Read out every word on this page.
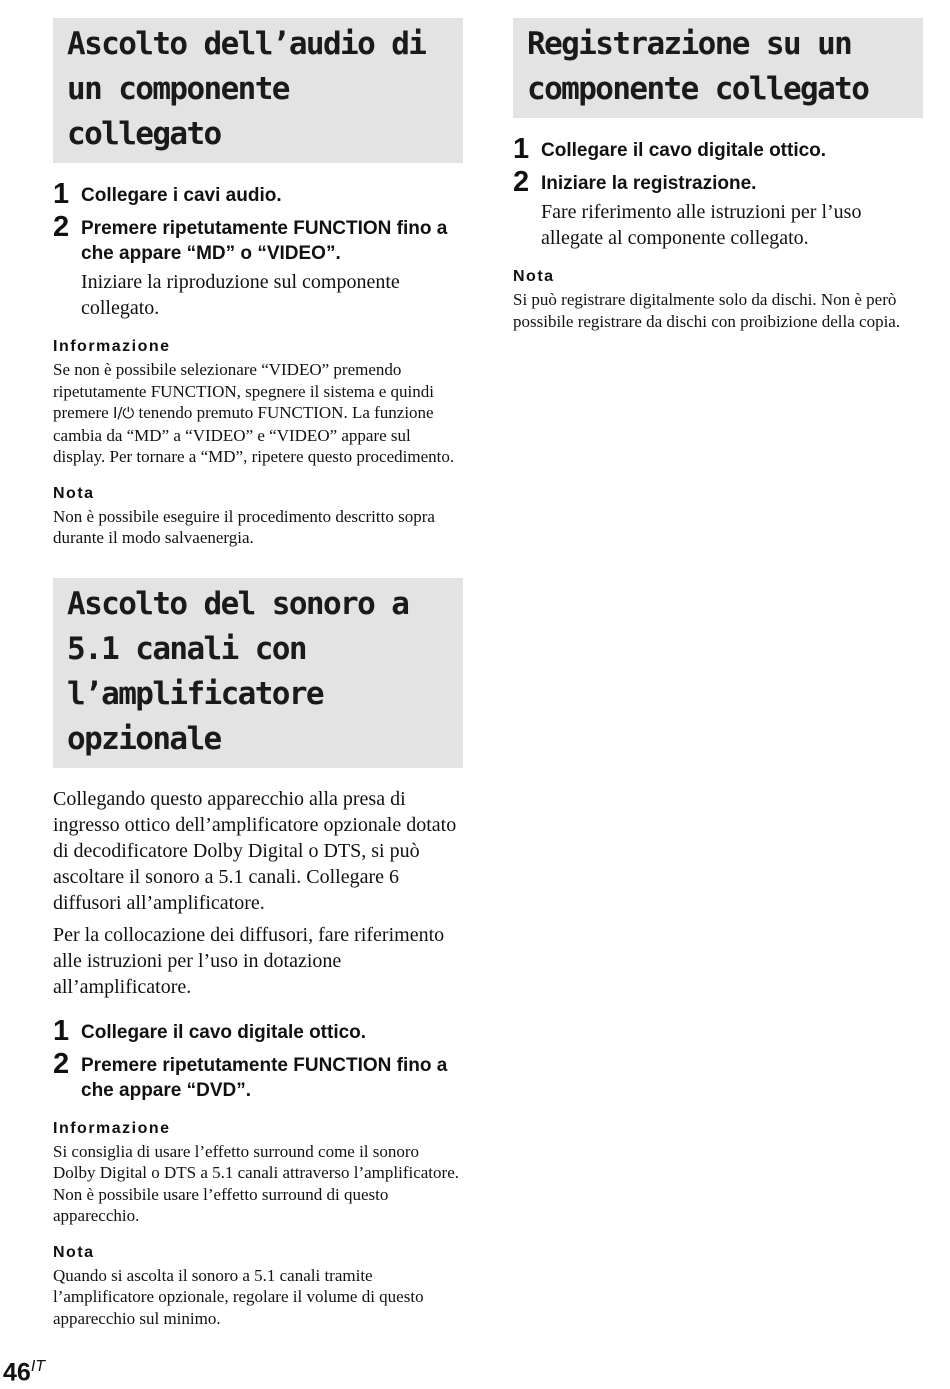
Ascolto dell’audio di un componente collegato
1 Collegare i cavi audio.
2 Premere ripetutamente FUNCTION fino a che appare “MD” o “VIDEO”.
Iniziare la riproduzione sul componente collegato.
Informazione
Se non è possibile selezionare “VIDEO” premendo ripetutamente FUNCTION, spegnere il sistema e quindi premere I/⏻ tenendo premuto FUNCTION. La funzione cambia da “MD” a “VIDEO” e “VIDEO” appare sul display. Per tornare a “MD”, ripetere questo procedimento.
Nota
Non è possibile eseguire il procedimento descritto sopra durante il modo salvaenergia.
Ascolto del sonoro a 5.1 canali con l’amplificatore opzionale
Collegando questo apparecchio alla presa di ingresso ottico dell’amplificatore opzionale dotato di decodificatore Dolby Digital o DTS, si può ascoltare il sonoro a 5.1 canali. Collegare 6 diffusori all’amplificatore.
Per la collocazione dei diffusori, fare riferimento alle istruzioni per l’uso in dotazione all’amplificatore.
1 Collegare il cavo digitale ottico.
2 Premere ripetutamente FUNCTION fino a che appare “DVD”.
Informazione
Si consiglia di usare l’effetto surround come il sonoro Dolby Digital o DTS a 5.1 canali attraverso l’amplificatore. Non è possibile usare l’effetto surround di questo apparecchio.
Nota
Quando si ascolta il sonoro a 5.1 canali tramite l’amplificatore opzionale, regolare il volume di questo apparecchio sul minimo.
Registrazione su un componente collegato
1 Collegare il cavo digitale ottico.
2 Iniziare la registrazione.
Fare riferimento alle istruzioni per l’uso allegate al componente collegato.
Nota
Si può registrare digitalmente solo da dischi. Non è però possibile registrare da dischi con proibizione della copia.
$46^{IT}$
